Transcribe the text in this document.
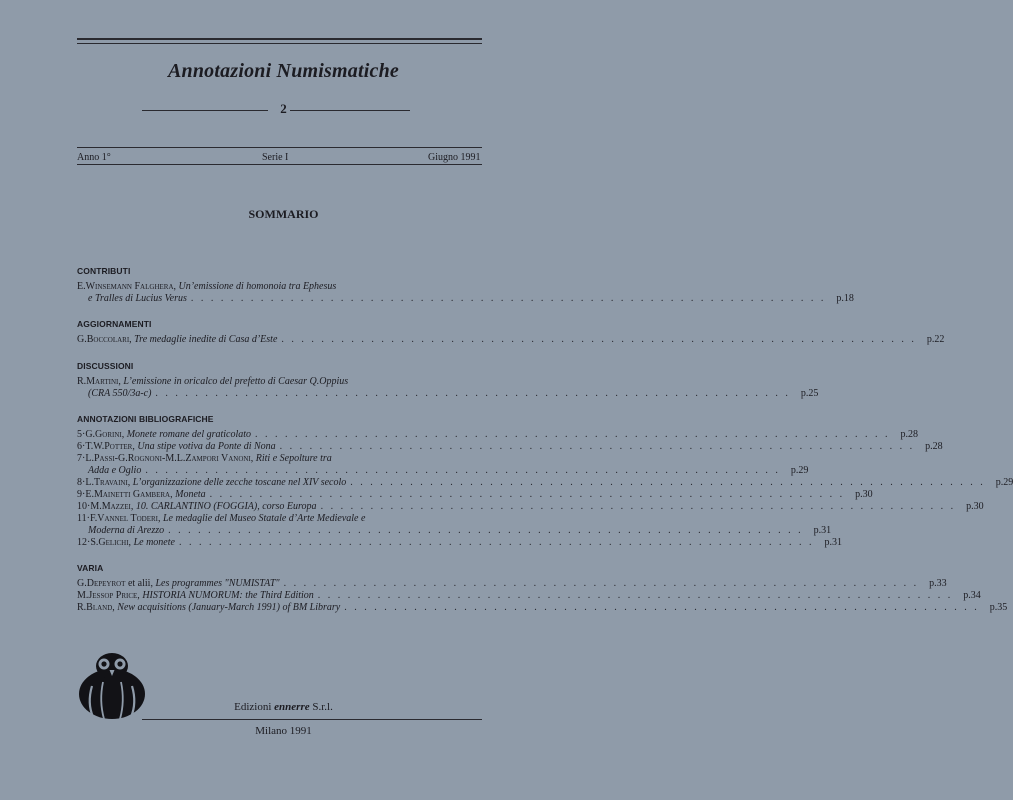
Annotazioni Numismatiche
2
Anno 1°	Serie I	Giugno 1991
SOMMARIO
CONTRIBUTI
E.Winsemann Falghera, Un’emissione di homonoia tra Ephesus
e Tralles di Lucius Verus . . . . . . . . . . . . . . . . . . . . . . . . . . . . . . . . . . . . . . . . . . . . . . . . . . . . . . . . . . . . . . . .	p.18
AGGIORNAMENTI
G.Boccolari, Tre medaglie inedite di Casa d’Este . . . . . . . . . . . . . . . . . . . . . . . . . . . . . . . . . . . . . . . . . . . . . . . . . . . . . . . . . . . . . . . .	p.22
DISCUSSIONI
R.Martini, L’emissione in oricalco del prefetto di Caesar Q.Oppius
(CRA 550/3a-c) . . . . . . . . . . . . . . . . . . . . . . . . . . . . . . . . . . . . . . . . . . . . . . . . . . . . . . . . . . . . . . . .	p.25
ANNOTAZIONI BIBLIOGRAFICHE
5·G.Gorini, Monete romane del graticolato . . . . . . . . . . . . . . . . . . . . . . . . . . . . . . . . . . . . . . . . . . . . . . . . . . . . . . . . . . . . . . . .	p.28
6·T.W.Potter, Una stipe votiva da Ponte di Nona . . . . . . . . . . . . . . . . . . . . . . . . . . . . . . . . . . . . . . . . . . . . . . . . . . . . . . . . . . . . . . . .	p.28
7·L.Passi-G.Rognoni-M.L.Zampori Vanoni, Riti e Sepolture tra
Adda e Oglio . . . . . . . . . . . . . . . . . . . . . . . . . . . . . . . . . . . . . . . . . . . . . . . . . . . . . . . . . . . . . . . .	p.29
8·L.Travaini, L’organizzazione delle zecche toscane nel XIV secolo . . . . . . . . . . . . . . . . . . . . . . . . . . . . . . . . . . . . . . . . . . . . . . . . . . . . . . . . . . . . . . . .	p.29
9·E.Mainetti Gambera, Moneta . . . . . . . . . . . . . . . . . . . . . . . . . . . . . . . . . . . . . . . . . . . . . . . . . . . . . . . . . . . . . . . .	p.30
10·M.Mazzei, 10. CARLANTINO (FOGGIA), corso Europa . . . . . . . . . . . . . . . . . . . . . . . . . . . . . . . . . . . . . . . . . . . . . . . . . . . . . . . . . . . . . . . .	p.30
11·F.Vannel Toderi, Le medaglie del Museo Statale d’Arte Medievale e
Moderna di Arezzo . . . . . . . . . . . . . . . . . . . . . . . . . . . . . . . . . . . . . . . . . . . . . . . . . . . . . . . . . . . . . . . .	p.31
12·S.Gelichi, Le monete . . . . . . . . . . . . . . . . . . . . . . . . . . . . . . . . . . . . . . . . . . . . . . . . . . . . . . . . . . . . . . . .	p.31
VARIA
G.Depeyrot et alii, Les programmes "NUMISTAT" . . . . . . . . . . . . . . . . . . . . . . . . . . . . . . . . . . . . . . . . . . . . . . . . . . . . . . . . . . . . . . . .	p.33
M.Jessop Price, HISTORIA NUMORUM: the Third Edition . . . . . . . . . . . . . . . . . . . . . . . . . . . . . . . . . . . . . . . . . . . . . . . . . . . . . . . . . . . . . . . .	p.34
R.Bland, New acquisitions (January-March 1991) of BM Library . . . . . . . . . . . . . . . . . . . . . . . . . . . . . . . . . . . . . . . . . . . . . . . . . . . . . . . . . . . . . . . .	p.35
Edizioni ennerre S.r.l.
Milano 1991
